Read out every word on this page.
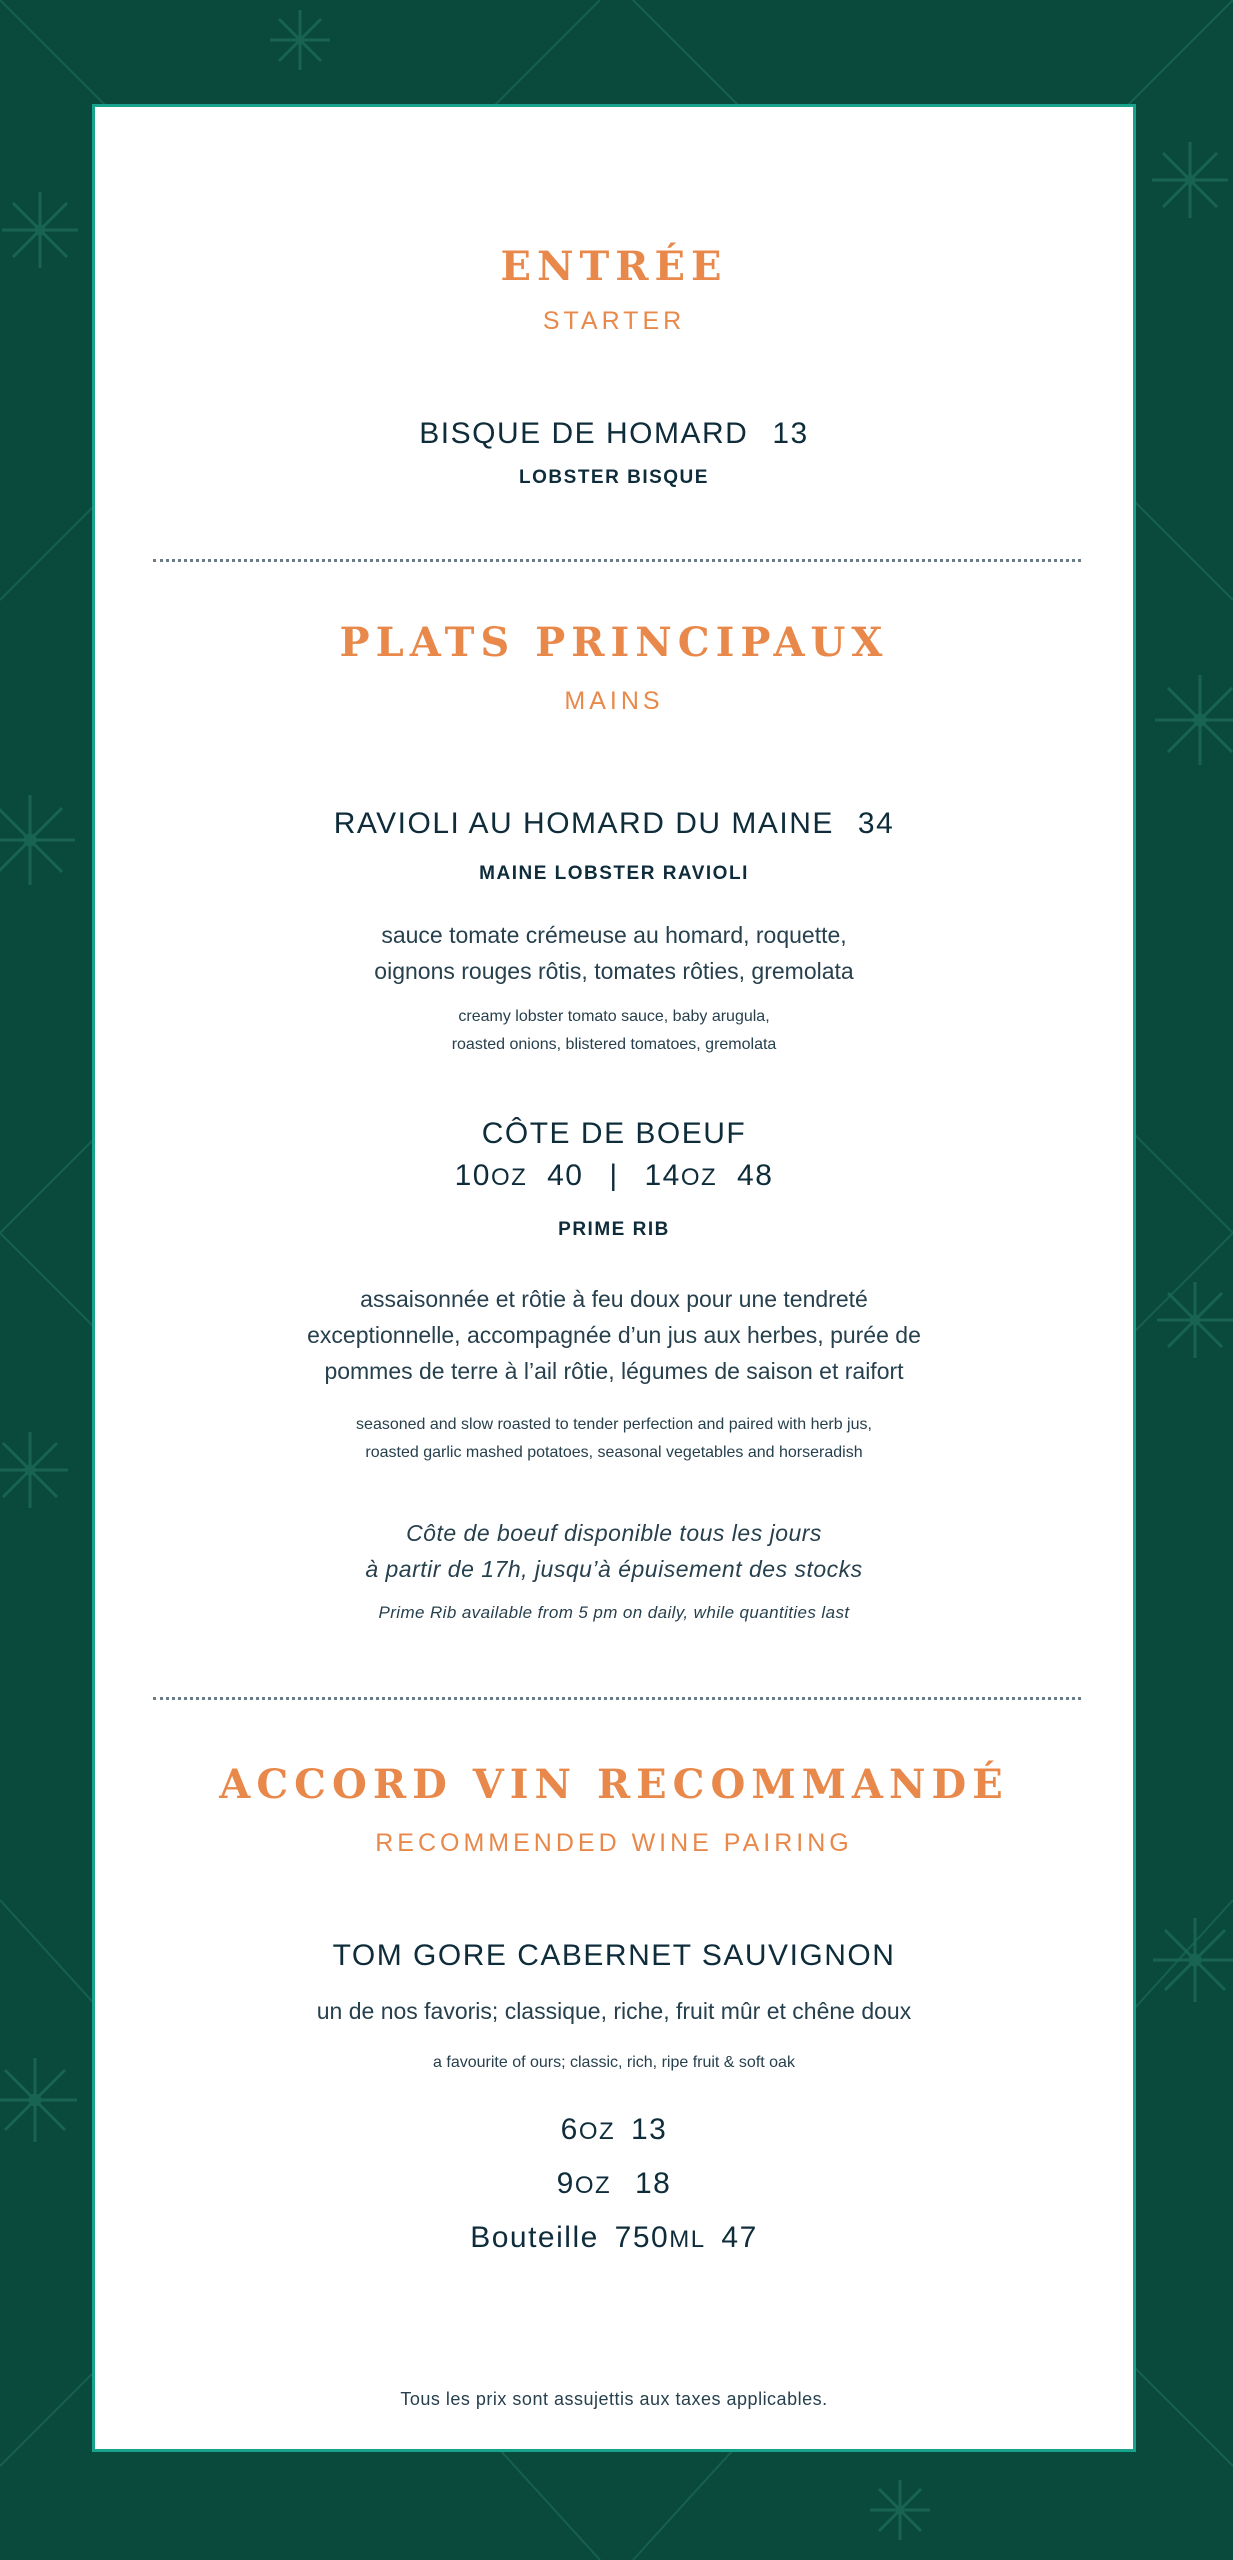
ENTRÉE
STARTER
BISQUE DE HOMARD 13
LOBSTER BISQUE
PLATS PRINCIPAUX
MAINS
RAVIOLI AU HOMARD DU MAINE 34
MAINE LOBSTER RAVIOLI
sauce tomate crémeuse au homard, roquette,
oignons rouges rôtis, tomates rôties, gremolata
creamy lobster tomato sauce, baby arugula,
roasted onions, blistered tomatoes, gremolata
CÔTE DE BOEUF
10OZ 40 | 14OZ 48
PRIME RIB
assaisonnée et rôtie à feu doux pour une tendreté
exceptionnelle, accompagnée d’un jus aux herbes, purée de
pommes de terre à l’ail rôtie, légumes de saison et raifort
seasoned and slow roasted to tender perfection and paired with herb jus,
roasted garlic mashed potatoes, seasonal vegetables and horseradish
Côte de boeuf disponible tous les jours
à partir de 17h, jusqu’à épuisement des stocks
Prime Rib available from 5 pm on daily, while quantities last
ACCORD VIN RECOMMANDÉ
RECOMMENDED WINE PAIRING
TOM GORE CABERNET SAUVIGNON
un de nos favoris; classique, riche, fruit mûr et chêne doux
a favourite of ours; classic, rich, ripe fruit & soft oak
6OZ 13
9OZ 18
Bouteille 750ML 47
Tous les prix sont assujettis aux taxes applicables.
